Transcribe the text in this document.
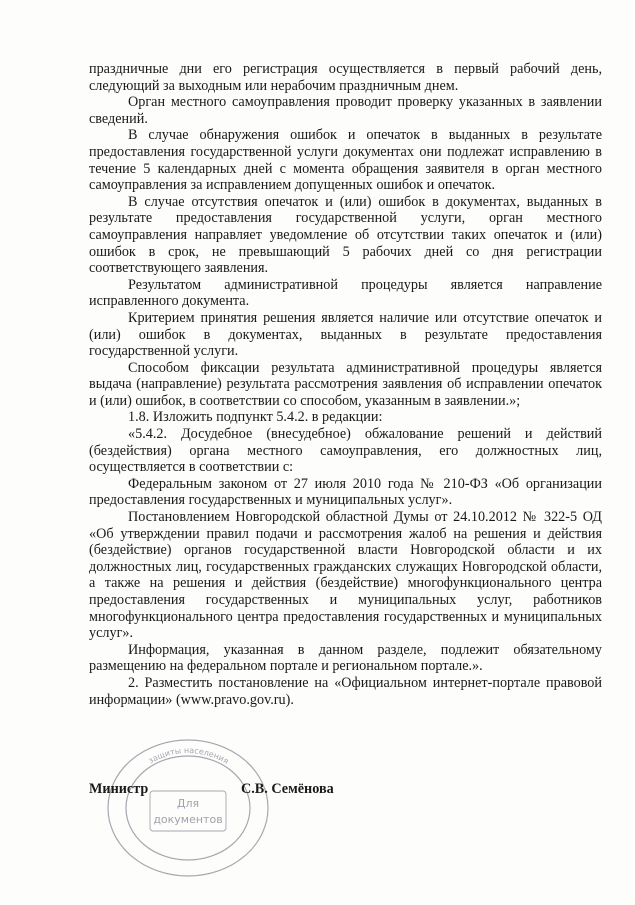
праздничные дни его регистрация осуществляется в первый рабочий день, следующий за выходным или нерабочим праздничным днем.

Орган местного самоуправления проводит проверку указанных в заявлении сведений.

В случае обнаружения ошибок и опечаток в выданных в результате предоставления государственной услуги документах они подлежат исправлению в течение 5 календарных дней с момента обращения заявителя в орган местного самоуправления за исправлением допущенных ошибок и опечаток.

В случае отсутствия опечаток и (или) ошибок в документах, выданных в результате предоставления государственной услуги, орган местного самоуправления направляет уведомление об отсутствии таких опечаток и (или) ошибок в срок, не превышающий 5 рабочих дней со дня регистрации соответствующего заявления.

Результатом административной процедуры является направление исправленного документа.

Критерием принятия решения является наличие или отсутствие опечаток и (или) ошибок в документах, выданных в результате предоставления государственной услуги.

Способом фиксации результата административной процедуры является выдача (направление) результата рассмотрения заявления об исправлении опечаток и (или) ошибок, в соответствии со способом, указанным в заявлении.»;

1.8. Изложить подпункт 5.4.2. в редакции:

«5.4.2. Досудебное (внесудебное) обжалование решений и действий (бездействия) органа местного самоуправления, его должностных лиц, осуществляется в соответствии с:

Федеральным законом от 27 июля 2010 года № 210-ФЗ «Об организации предоставления государственных и муниципальных услуг».

Постановлением Новгородской областной Думы от 24.10.2012 № 322-5 ОД «Об утверждении правил подачи и рассмотрения жалоб на решения и действия (бездействие) органов государственной власти Новгородской области и их должностных лиц, государственных гражданских служащих Новгородской области, а также на решения и действия (бездействие) многофункционального центра предоставления государственных и муниципальных услуг, работников многофункционального центра предоставления государственных и муниципальных услуг».

Информация, указанная в данном разделе, подлежит обязательному размещению на федеральном портале и региональном портале.».

2. Разместить постановление на «Официальном интернет-портале правовой информации» (www.pravo.gov.ru).

защиты населения
Для
документов
Министр	С.В. Семёнова
